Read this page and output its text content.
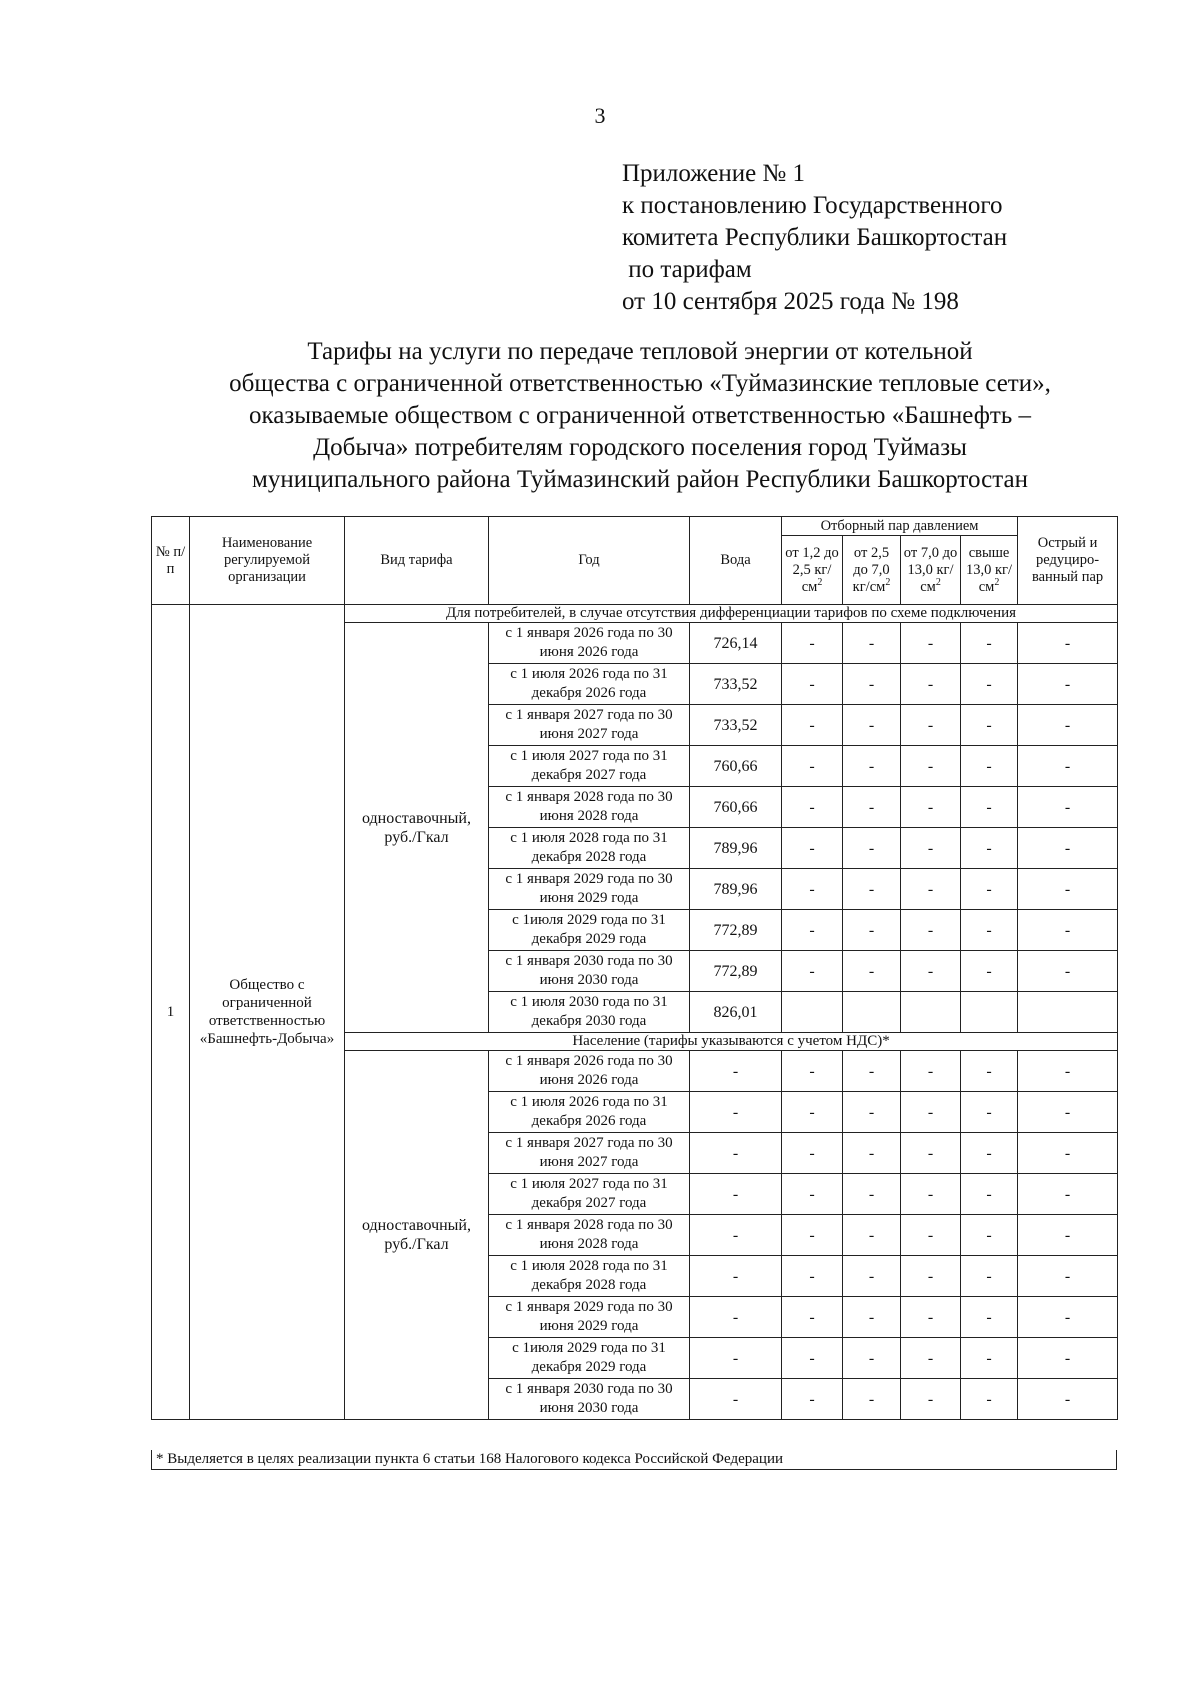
3
Приложение № 1
к постановлению Государственного
комитета Республики Башкортостан
по тарифам
от 10 сентября 2025 года № 198
Тарифы на услуги по передаче тепловой энергии от котельной
общества с ограниченной ответственностью «Туймазинские тепловые сети»,
оказываемые обществом с ограниченной ответственностью «Башнефть –
Добыча» потребителям городского поселения город Туймазы
муниципального района Туймазинский район Республики Башкортостан
№ п/п	Наименование регулируемой организации	Вид тарифа	Год	Вода	Отборный пар давлением				Острый и редуциро-ванный пар
					от 1,2 до 2,5 $кг/см^2$	от 2,5 до 7,0 $кг/см^2$	от 7,0 до 13,0 $кг/см^2$	свыше 13,0 $кг/см^2$
1	Общество с ограниченной ответственностью «Башнефть-Добыча»	Для потребителей, в случае отсутствия дифференциации тарифов по схеме подключения							
		одноставочный, руб./Гкал	с 1 января 2026 года по 30 июня 2026 года	726,14	-	-	-	-	-
			с 1 июля 2026 года по 31 декабря 2026 года	733,52	-	-	-	-	-
			с 1 января 2027 года по 30 июня 2027 года	733,52	-	-	-	-	-
			с 1 июля 2027 года по 31 декабря 2027 года	760,66	-	-	-	-	-
			с 1 января 2028 года по 30 июня 2028 года	760,66	-	-	-	-	-
			с 1 июля 2028 года по 31 декабря 2028 года	789,96	-	-	-	-	-
			с 1 января 2029 года по 30 июня 2029 года	789,96	-	-	-	-	-
			с 1июля 2029 года по 31 декабря 2029 года	772,89	-	-	-	-	-
			с 1 января 2030 года по 30 июня 2030 года	772,89	-	-	-	-	-
			с 1 июля 2030 года по 31 декабря 2030 года	826,01					
		Население (тарифы указываются с учетом НДС)*							
		одноставочный, руб./Гкал	с 1 января 2026 года по 30 июня 2026 года	-	-	-	-	-	-
			с 1 июля 2026 года по 31 декабря 2026 года	-	-	-	-	-	-
			с 1 января 2027 года по 30 июня 2027 года	-	-	-	-	-	-
			с 1 июля 2027 года по 31 декабря 2027 года	-	-	-	-	-	-
			с 1 января 2028 года по 30 июня 2028 года	-	-	-	-	-	-
			с 1 июля 2028 года по 31 декабря 2028 года	-	-	-	-	-	-
			с 1 января 2029 года по 30 июня 2029 года	-	-	-	-	-	-
			с 1июля 2029 года по 31 декабря 2029 года	-	-	-	-	-	-
			с 1 января 2030 года по 30 июня 2030 года	-	-	-	-	-	-
* Выделяется в целях реализации пункта 6 статьи 168 Налогового кодекса Российской Федерации
